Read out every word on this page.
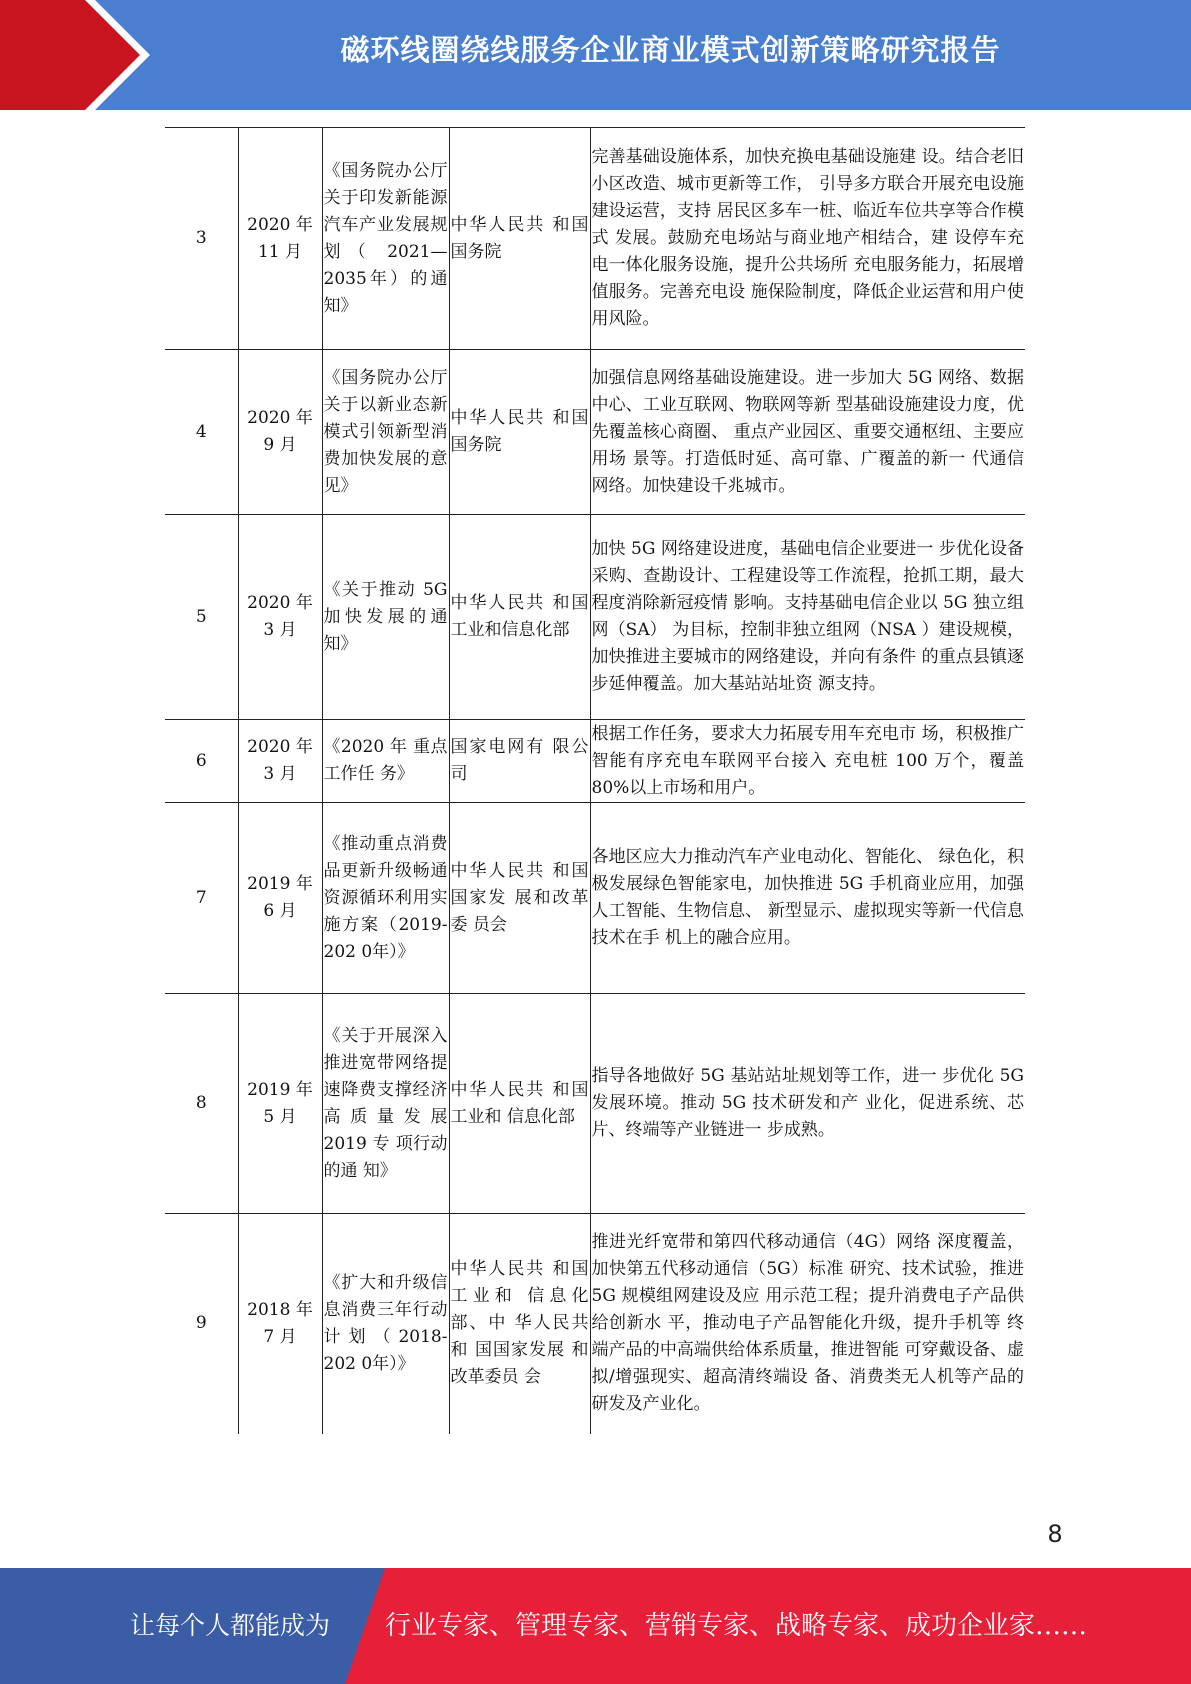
磁环线圈绕线服务企业商业模式创新策略研究报告
3	2020 年 11 月	《国务院办公厅关于印发新能源汽车产业发展规 划（ 2021—2035年）的通知》	中华人民共 和国国务院	完善基础设施体系，加快充换电基础设施建 设。结合老旧小区改造、城市更新等工作， 引导多方联合开展充电设施建设运营，支持 居民区多车一桩、临近车位共享等合作模式 发展。鼓励充电场站与商业地产相结合，建 设停车充电一体化服务设施，提升公共场所 充电服务能力，拓展增值服务。完善充电设 施保险制度，降低企业运营和用户使用风险。
4	2020 年 9 月	《国务院办公厅关于以新业态新模式引领新型消费加快发展的意见》	中华人民共 和国国务院	加强信息网络基础设施建设。进一步加大 5G 网络、数据中心、工业互联网、物联网等新 型基础设施建设力度，优先覆盖核心商圈、 重点产业园区、重要交通枢纽、主要应用场 景等。打造低时延、高可靠、广覆盖的新一 代通信网络。加快建设千兆城市。
5	2020 年 3 月	《关于推动 5G 加快发展的通知》	中华人民共 和国工业和信息化部	加快 5G 网络建设进度，基础电信企业要进一 步优化设备采购、查勘设计、工程建设等工作流程，抢抓工期，最大程度消除新冠疫情 影响。支持基础电信企业以 5G 独立组网（SA） 为目标，控制非独立组网（NSA ）建设规模， 加快推进主要城市的网络建设，并向有条件 的重点县镇逐步延伸覆盖。加大基站站址资 源支持。
6	2020 年 3 月	《2020 年 重点工作任 务》	国家电网有 限公司	根据工作任务，要求大力拓展专用车充电市 场，积极推广智能有序充电车联网平台接入 充电桩 100 万个，覆盖 80%以上市场和用户。
7	2019 年 6 月	《推动重点消费品更新升级畅通资源循环利用实施方案（2019-202 0年）》	中华人民共 和国国家发 展和改革委 员会	各地区应大力推动汽车产业电动化、智能化、 绿色化，积极发展绿色智能家电，加快推进 5G 手机商业应用，加强人工智能、生物信息、 新型显示、虚拟现实等新一代信息技术在手 机上的融合应用。
8	2019 年 5 月	《关于开展深入推进宽带网络提速降费支撑经济高质量发展 2019 专 项行动的通 知》	中华人民共 和国工业和 信息化部	指导各地做好 5G 基站站址规划等工作，进一 步优化 5G 发展环境。推动 5G 技术研发和产 业化，促进系统、芯片、终端等产业链进一 步成熟。
9	2018 年 7 月	《扩大和升级信息消费三年行动计划（2018-202 0年）》	中华人民共 和国工业和 信息化部、中 华人民共和 国国家发展 和改革委员 会	推进光纤宽带和第四代移动通信（4G）网络 深度覆盖，加快第五代移动通信（5G）标准 研究、技术试验，推进 5G 规模组网建设及应 用示范工程；提升消费电子产品供给创新水 平，推动电子产品智能化升级，提升手机等 终端产品的中高端供给体系质量，推进智能 可穿戴设备、虚拟/增强现实、超高清终端设 备、消费类无人机等产品的研发及产业化。
8
让每个人都能成为	行业专家、管理专家、营销专家、战略专家、成功企业家……
